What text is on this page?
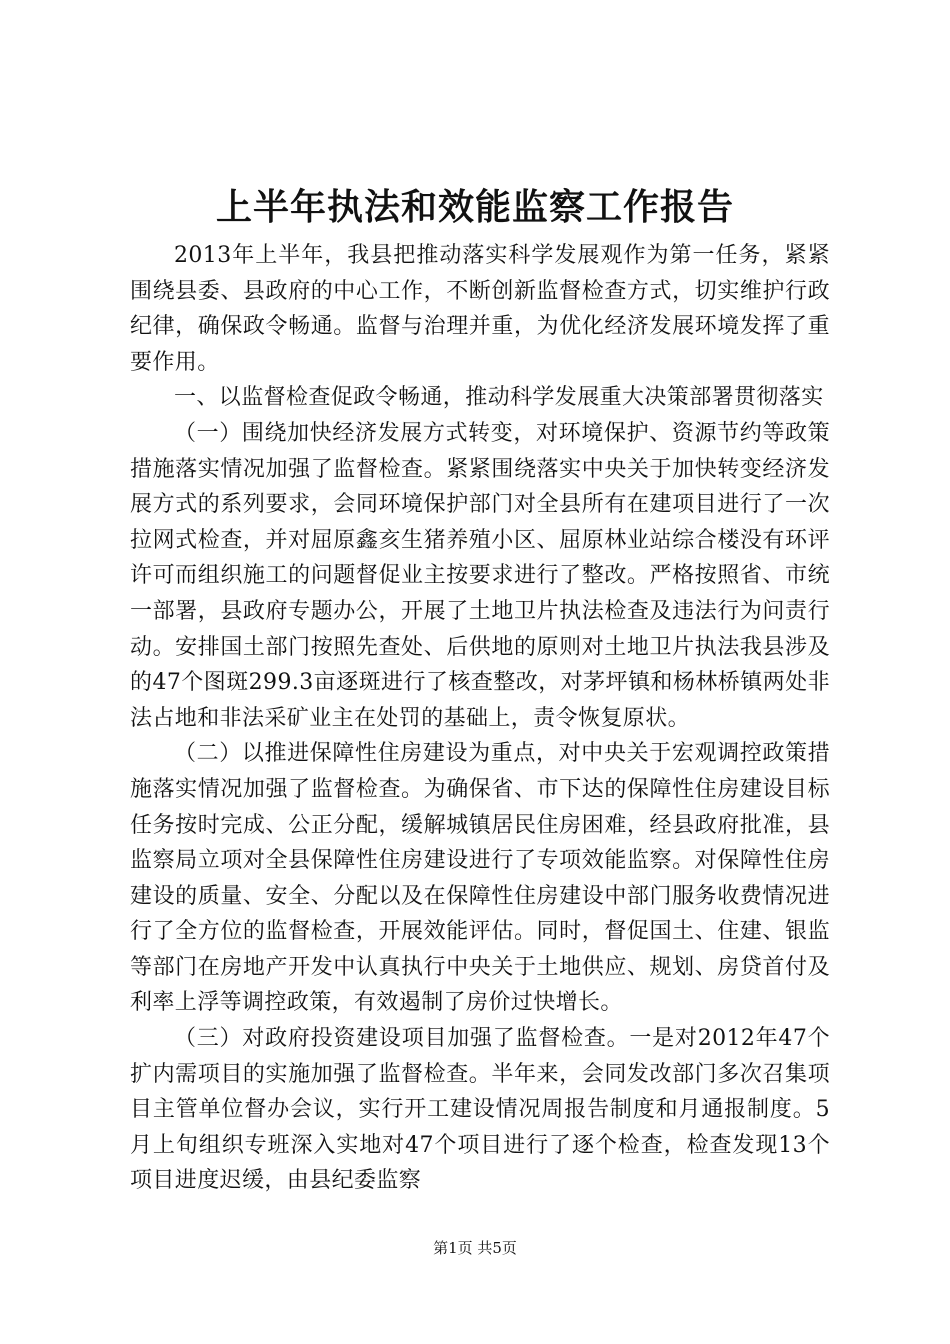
上半年执法和效能监察工作报告

2013年上半年，我县把推动落实科学发展观作为第一任务，紧紧围绕县委、县政府的中心工作，不断创新监督检查方式，切实维护行政纪律，确保政令畅通。监督与治理并重，为优化经济发展环境发挥了重要作用。

一、以监督检查促政令畅通，推动科学发展重大决策部署贯彻落实

（一）围绕加快经济发展方式转变，对环境保护、资源节约等政策措施落实情况加强了监督检查。紧紧围绕落实中央关于加快转变经济发展方式的系列要求，会同环境保护部门对全县所有在建项目进行了一次拉网式检查，并对屈原鑫亥生猪养殖小区、屈原林业站综合楼没有环评许可而组织施工的问题督促业主按要求进行了整改。严格按照省、市统一部署，县政府专题办公，开展了土地卫片执法检查及违法行为问责行动。安排国土部门按照先查处、后供地的原则对土地卫片执法我县涉及的47个图斑299.3亩逐斑进行了核查整改，对茅坪镇和杨林桥镇两处非法占地和非法采矿业主在处罚的基础上，责令恢复原状。

（二）以推进保障性住房建设为重点，对中央关于宏观调控政策措施落实情况加强了监督检查。为确保省、市下达的保障性住房建设目标任务按时完成、公正分配，缓解城镇居民住房困难，经县政府批准，县监察局立项对全县保障性住房建设进行了专项效能监察。对保障性住房建设的质量、安全、分配以及在保障性住房建设中部门服务收费情况进行了全方位的监督检查，开展效能评估。同时，督促国土、住建、银监等部门在房地产开发中认真执行中央关于土地供应、规划、房贷首付及利率上浮等调控政策，有效遏制了房价过快增长。

（三）对政府投资建设项目加强了监督检查。一是对2012年47个扩内需项目的实施加强了监督检查。半年来，会同发改部门多次召集项目主管单位督办会议，实行开工建设情况周报告制度和月通报制度。5月上旬组织专班深入实地对47个项目进行了逐个检查，检查发现13个项目进度迟缓，由县纪委监察

第1页 共5页
